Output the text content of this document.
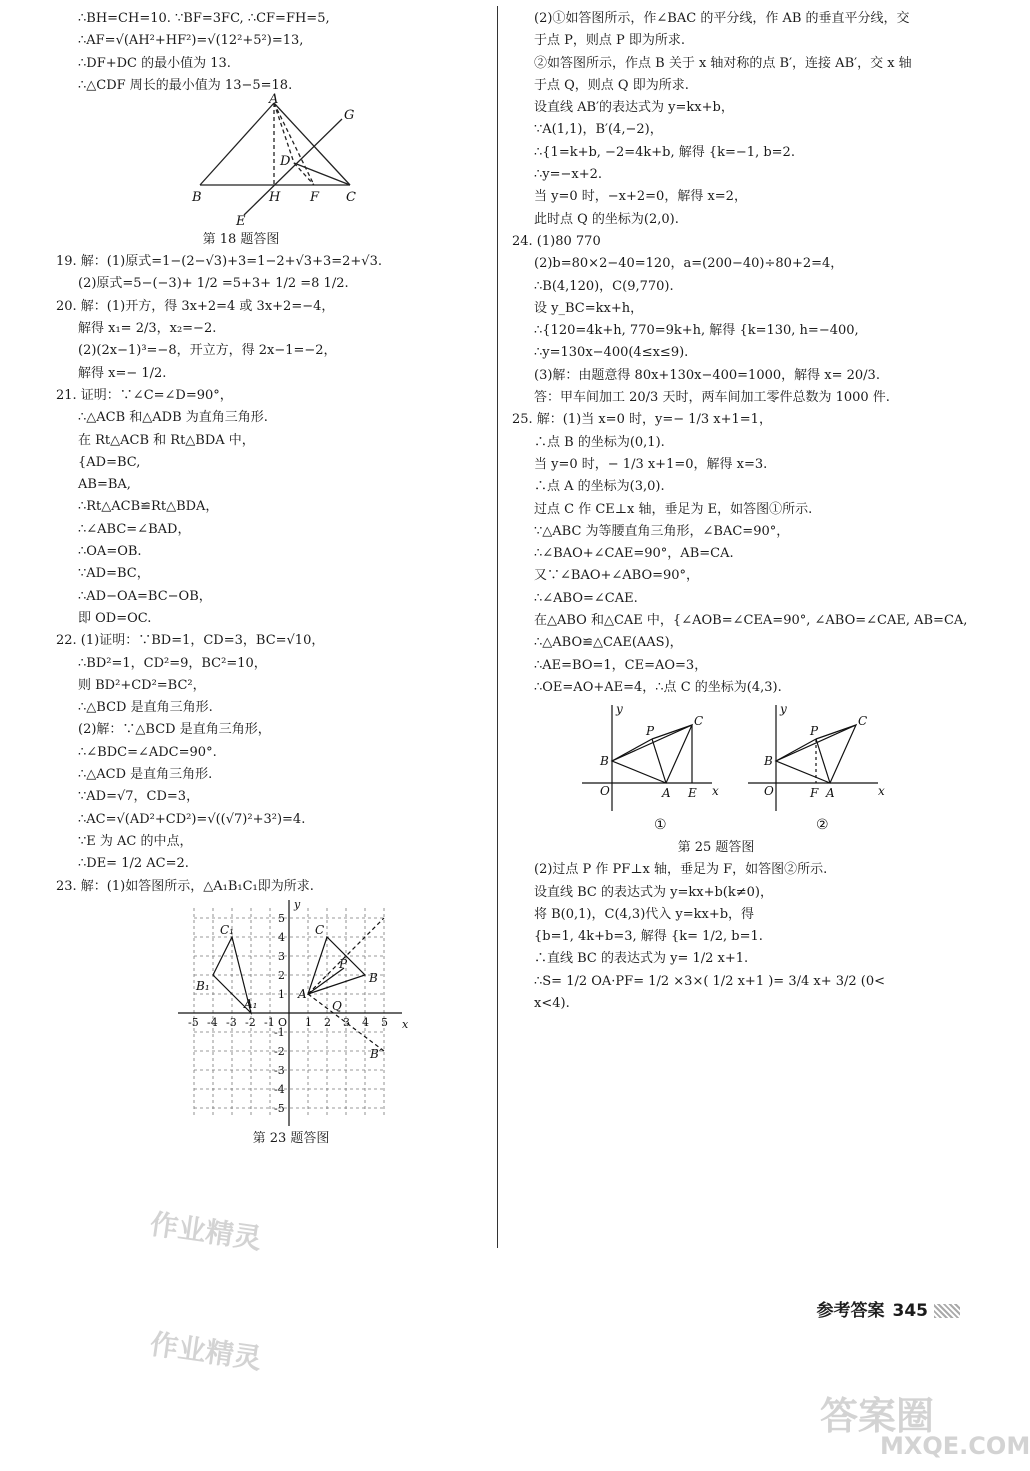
∴BH=CH=10. ∵BF=3FC, ∴CF=FH=5,
∴AF=√(AH²+HF²)=√(12²+5²)=13,
∴DF+DC 的最小值为 13.
∴△CDF 周长的最小值为 13−5=18.
A
G
D
B	H F C
E
第 18 题答图
19. 解：(1)原式=1−(2−√3)+3=1−2+√3+3=2+√3.
(2)原式=5−(−3)+ 1/2 =5+3+ 1/2 =8 1/2.
20. 解：(1)开方，得 3x+2=4 或 3x+2=−4，
解得 x₁= 2/3，x₂=−2.
(2)(2x−1)³=−8，开立方，得 2x−1=−2，
解得 x=− 1/2.
21. 证明：∵∠C=∠D=90°，
∴△ACB 和△ADB 为直角三角形.
在 Rt△ACB 和 Rt△BDA 中，
{AD=BC,
AB=BA,
∴Rt△ACB≌Rt△BDA，
∴∠ABC=∠BAD，
∴OA=OB.
∵AD=BC，
∴AD−OA=BC−OB，
即 OD=OC.
22. (1)证明：∵BD=1，CD=3，BC=√10，
∴BD²=1，CD²=9，BC²=10，
则 BD²+CD²=BC²，
∴△BCD 是直角三角形.
(2)解：∵△BCD 是直角三角形，
∴∠BDC=∠ADC=90°.
∴△ACD 是直角三角形.
∵AD=√7，CD=3，
∴AC=√(AD²+CD²)=√((√7)²+3²)=4.
∵E 为 AC 的中点，
∴DE= 1/2 AC=2.
23. 解：(1)如答图所示，△A₁B₁C₁即为所求.
x
y
-5 -4 -3 -2 -1 O 1 2 3 4 5
5
4
3
2
1
-1
-2
-3
-4
-5
C₁
B₁
A₁
C
P
B
A
Q
B′
第 23 题答图
(2)①如答图所示，作∠BAC 的平分线，作 AB 的垂直平分线，交
于点 P，则点 P 即为所求.
②如答图所示，作点 B 关于 x 轴对称的点 B′，连接 AB′，交 x 轴
于点 Q，则点 Q 即为所求.
设直线 AB′的表达式为 y=kx+b，
∵A(1,1)，B′(4,−2)，
∴{1=k+b, −2=4k+b, 解得 {k=−1, b=2.
∴y=−x+2.
当 y=0 时，−x+2=0，解得 x=2，
此时点 Q 的坐标为(2,0).
24. (1)80 770
(2)b=80×2−40=120，a=(200−40)÷80+2=4，
∴B(4,120)，C(9,770).
设 y_BC=kx+h，
∴{120=4k+h, 770=9k+h, 解得 {k=130, h=−400,
∴y=130x−400(4≤x≤9).
(3)解：由题意得 80x+130x−400=1000，解得 x= 20/3.
答：甲车间加工 20/3 天时，两车间加工零件总数为 1000 件.
25. 解：(1)当 x=0 时，y=− 1/3 x+1=1，
∴点 B 的坐标为(0,1).
当 y=0 时，− 1/3 x+1=0，解得 x=3.
∴点 A 的坐标为(3,0).
过点 C 作 CE⊥x 轴，垂足为 E，如答图①所示.
∵△ABC 为等腰直角三角形，∠BAC=90°，
∴∠BAO+∠CAE=90°，AB=CA.
又∵∠BAO+∠ABO=90°，
∴∠ABO=∠CAE.
在△ABO 和△CAE 中，{∠AOB=∠CEA=90°, ∠ABO=∠CAE, AB=CA,
∴△ABO≌△CAE(AAS)，
∴AE=BO=1，CE=AO=3，
∴OE=AO+AE=4，∴点 C 的坐标为(4,3).
y
x
O
B
P
C
A E
y
x
O
B
P
C
F A
①	②
第 25 题答图
(2)过点 P 作 PF⊥x 轴，垂足为 F，如答图②所示.
设直线 BC 的表达式为 y=kx+b(k≠0)，
将 B(0,1)，C(4,3)代入 y=kx+b，得
{b=1, 4k+b=3, 解得 {k= 1/2, b=1.
∴直线 BC 的表达式为 y= 1/2 x+1.
∴S= 1/2 OA·PF= 1/2 ×3×( 1/2 x+1 )= 3/4 x+ 3/2 (0<
x<4).
参考答案 345
作业精灵
作业精灵
答案圈
MXQE.COM
